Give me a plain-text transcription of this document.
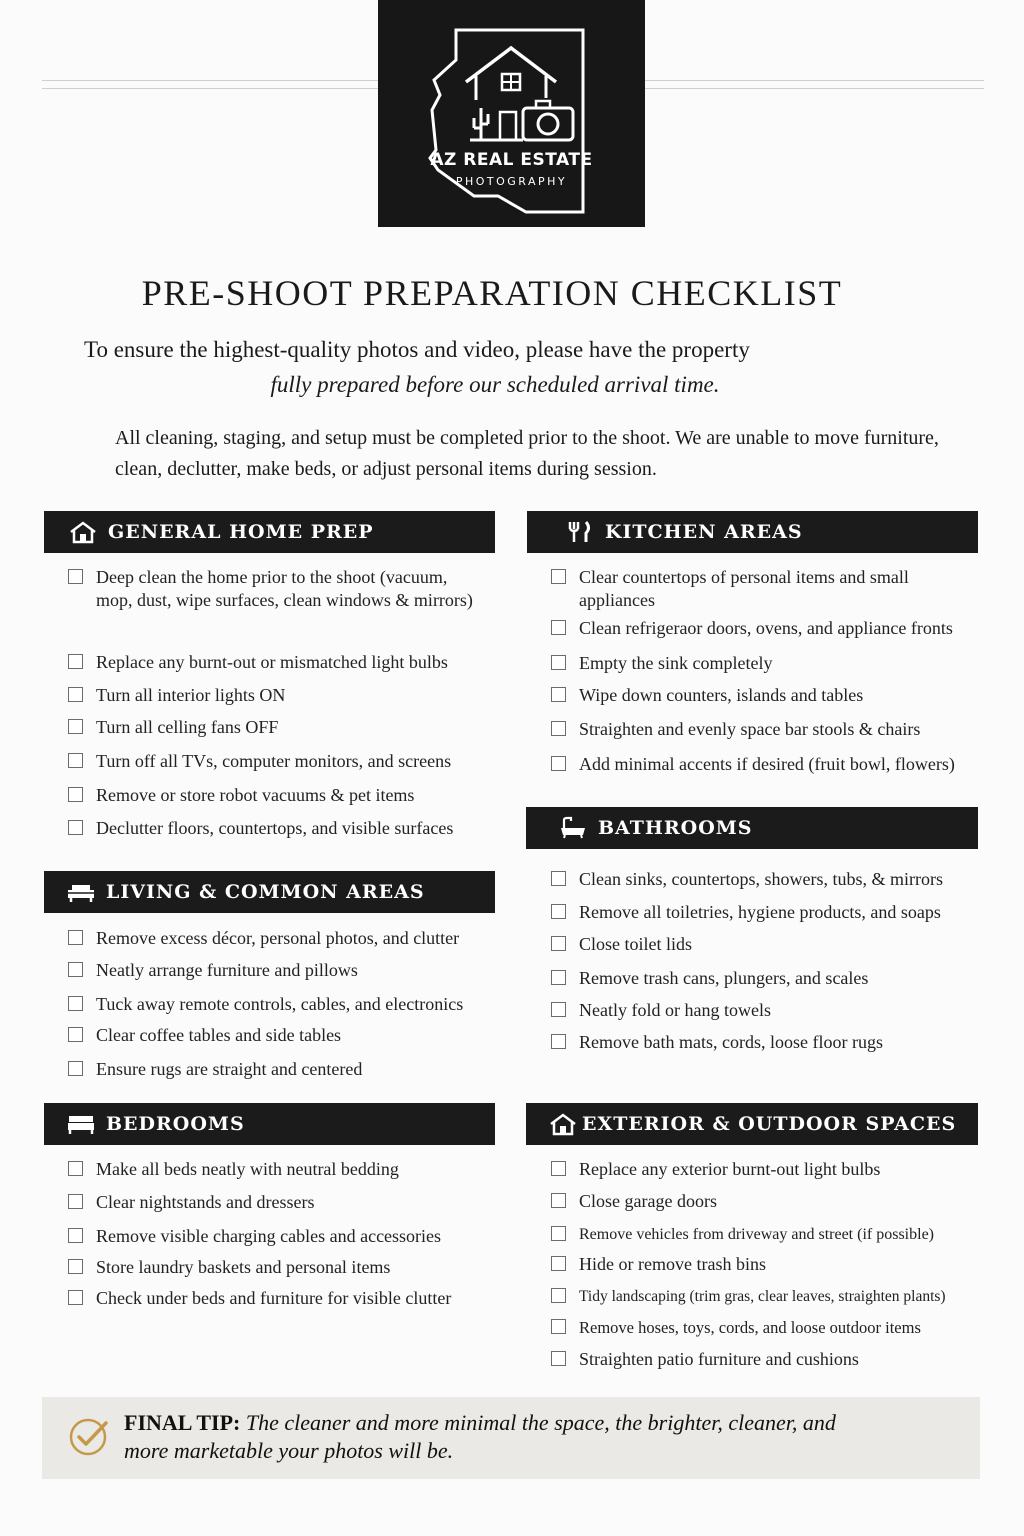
AZ REAL ESTATE
PHOTOGRAPHY
PRE-SHOOT PREPARATION CHECKLIST
To ensure the highest-quality photos and video, please have the property
fully prepared before our scheduled arrival time.
All cleaning, staging, and setup must be completed prior to the shoot. We are unable to move furniture, clean, declutter, make beds, or adjust personal items during session.
GENERAL HOME PREP
Deep clean the home prior to the shoot (vacuum, mop, dust, wipe surfaces, clean windows & mirrors)
Replace any burnt-out or mismatched light bulbs
Turn all interior lights ON
Turn all celling fans OFF
Turn off all TVs, computer monitors, and screens
Remove or store robot vacuums & pet items
Declutter floors, countertops, and visible surfaces
KITCHEN AREAS
Clear countertops of personal items and small appliances
Clean refrigeraor doors, ovens, and appliance fronts
Empty the sink completely
Wipe down counters, islands and tables
Straighten and evenly space bar stools & chairs
Add minimal accents if desired (fruit bowl, flowers)
BATHROOMS
Clean sinks, countertops, showers, tubs, & mirrors
Remove all toiletries, hygiene products, and soaps
Close toilet lids
Remove trash cans, plungers, and scales
Neatly fold or hang towels
Remove bath mats, cords, loose floor rugs
LIVING & COMMON AREAS
Remove excess décor, personal photos, and clutter
Neatly arrange furniture and pillows
Tuck away remote controls, cables, and electronics
Clear coffee tables and side tables
Ensure rugs are straight and centered
BEDROOMS
Make all beds neatly with neutral bedding
Clear nightstands and dressers
Remove visible charging cables and accessories
Store laundry baskets and personal items
Check under beds and furniture for visible clutter
EXTERIOR & OUTDOOR SPACES
Replace any exterior burnt-out light bulbs
Close garage doors
Remove vehicles from driveway and street (if possible)
Hide or remove trash bins
Tidy landscaping (trim gras, clear leaves, straighten plants)
Remove hoses, toys, cords, and loose outdoor items
Straighten patio furniture and cushions
FINAL TIP: The cleaner and more minimal the space, the brighter, cleaner, and more marketable your photos will be.
